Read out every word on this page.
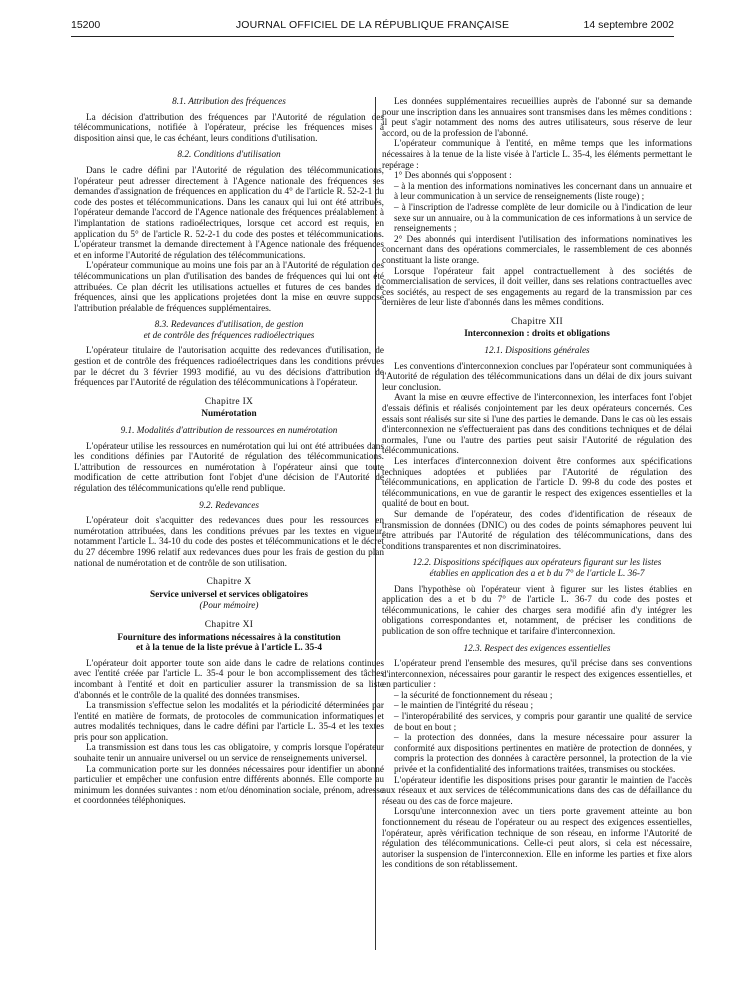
15200	JOURNAL OFFICIEL DE LA RÉPUBLIQUE FRANÇAISE	14 septembre 2002
8.1. Attribution des fréquences

La décision d'attribution des fréquences par l'Autorité de régulation des télécommunications, notifiée à l'opérateur, précise les fréquences mises à disposition ainsi que, le cas échéant, leurs conditions d'utilisation.

8.2. Conditions d'utilisation

Dans le cadre défini par l'Autorité de régulation des télécommunications, l'opérateur peut adresser directement à l'Agence nationale des fréquences ses demandes d'assignation de fréquences en application du 4° de l'article R. 52-2-1 du code des postes et télécommunications. Dans les canaux qui lui ont été attribués, l'opérateur demande l'accord de l'Agence nationale des fréquences préalablement à l'implantation de stations radioélectriques, lorsque cet accord est requis, en application du 5° de l'article R. 52-2-1 du code des postes et télécommunications. L'opérateur transmet la demande directement à l'Agence nationale des fréquences et en informe l'Autorité de régulation des télécommunications.

L'opérateur communique au moins une fois par an à l'Autorité de régulation des télécommunications un plan d'utilisation des bandes de fréquences qui lui ont été attribuées. Ce plan décrit les utilisations actuelles et futures de ces bandes de fréquences, ainsi que les applications projetées dont la mise en œuvre suppose l'attribution préalable de fréquences supplémentaires.

8.3. Redevances d'utilisation, de gestion
et de contrôle des fréquences radioélectriques

L'opérateur titulaire de l'autorisation acquitte des redevances d'utilisation, de gestion et de contrôle des fréquences radioélectriques dans les conditions prévues par le décret du 3 février 1993 modifié, au vu des décisions d'attribution de fréquences par l'Autorité de régulation des télécommunications à l'opérateur.

Chapitre IX
Numérotation
9.1. Modalités d'attribution de ressources en numérotation

L'opérateur utilise les ressources en numérotation qui lui ont été attribuées dans les conditions définies par l'Autorité de régulation des télécommunications. L'attribution de ressources en numérotation à l'opérateur ainsi que toute modification de cette attribution font l'objet d'une décision de l'Autorité de régulation des télécommunications qu'elle rend publique.

9.2. Redevances

L'opérateur doit s'acquitter des redevances dues pour les ressources en numérotation attribuées, dans les conditions prévues par les textes en vigueur, notamment l'article L. 34-10 du code des postes et télécommunications et le décret du 27 décembre 1996 relatif aux redevances dues pour les frais de gestion du plan national de numérotation et de contrôle de son utilisation.

Chapitre X
Service universel et services obligatoires
(Pour mémoire)
Chapitre XI
Fourniture des informations nécessaires à la constitution
et à la tenue de la liste prévue à l'article L. 35-4

L'opérateur doit apporter toute son aide dans le cadre de relations continues avec l'entité créée par l'article L. 35-4 pour le bon accomplissement des tâches incombant à l'entité et doit en particulier assurer la transmission de sa liste d'abonnés et le contrôle de la qualité des données transmises.

La transmission s'effectue selon les modalités et la périodicité déterminées par l'entité en matière de formats, de protocoles de communication informatiques et autres modalités techniques, dans le cadre défini par l'article L. 35-4 et les textes pris pour son application.

La transmission est dans tous les cas obligatoire, y compris lorsque l'opérateur souhaite tenir un annuaire universel ou un service de renseignements universel.

La communication porte sur les données nécessaires pour identifier un abonné particulier et empêcher une confusion entre différents abonnés. Elle comporte au minimum les données suivantes : nom et/ou dénomination sociale, prénom, adresse et coordonnées téléphoniques.

Les données supplémentaires recueillies auprès de l'abonné sur sa demande pour une inscription dans les annuaires sont transmises dans les mêmes conditions : il peut s'agir notamment des noms des autres utilisateurs, sous réserve de leur accord, ou de la profession de l'abonné.

L'opérateur communique à l'entité, en même temps que les informations nécessaires à la tenue de la liste visée à l'article L. 35-4, les éléments permettant le repérage :

1° Des abonnés qui s'opposent :

– à la mention des informations nominatives les concernant dans un annuaire et à leur communication à un service de renseignements (liste rouge) ;

– à l'inscription de l'adresse complète de leur domicile ou à l'indication de leur sexe sur un annuaire, ou à la communication de ces informations à un service de renseignements ;

2° Des abonnés qui interdisent l'utilisation des informations nominatives les concernant dans des opérations commerciales, le rassemblement de ces abonnés constituant la liste orange.

Lorsque l'opérateur fait appel contractuellement à des sociétés de commercialisation de services, il doit veiller, dans ses relations contractuelles avec ces sociétés, au respect de ses engagements au regard de la transmission par ces dernières de leur liste d'abonnés dans les mêmes conditions.

Chapitre XII
Interconnexion : droits et obligations
12.1. Dispositions générales

Les conventions d'interconnexion conclues par l'opérateur sont communiquées à l'Autorité de régulation des télécommunications dans un délai de dix jours suivant leur conclusion.

Avant la mise en œuvre effective de l'interconnexion, les interfaces font l'objet d'essais définis et réalisés conjointement par les deux opérateurs concernés. Ces essais sont réalisés sur site si l'une des parties le demande. Dans le cas où les essais d'interconnexion ne s'effectueraient pas dans des conditions techniques et de délai normales, l'une ou l'autre des parties peut saisir l'Autorité de régulation des télécommunications.

Les interfaces d'interconnexion doivent être conformes aux spécifications techniques adoptées et publiées par l'Autorité de régulation des télécommunications, en application de l'article D. 99-8 du code des postes et télécommunications, en vue de garantir le respect des exigences essentielles et la qualité de bout en bout.

Sur demande de l'opérateur, des codes d'identification de réseaux de transmission de données (DNIC) ou des codes de points sémaphores peuvent lui être attribués par l'Autorité de régulation des télécommunications, dans des conditions transparentes et non discriminatoires.

12.2. Dispositions spécifiques aux opérateurs figurant sur les listes
établies en application des a et b du 7° de l'article L. 36-7

Dans l'hypothèse où l'opérateur vient à figurer sur les listes établies en application des a et b du 7° de l'article L. 36-7 du code des postes et télécommunications, le cahier des charges sera modifié afin d'y intégrer les obligations correspondantes et, notamment, de préciser les conditions de publication de son offre technique et tarifaire d'interconnexion.

12.3. Respect des exigences essentielles

L'opérateur prend l'ensemble des mesures, qu'il précise dans ses conventions d'interconnexion, nécessaires pour garantir le respect des exigences essentielles, et en particulier :

– la sécurité de fonctionnement du réseau ;

– le maintien de l'intégrité du réseau ;

– l'interopérabilité des services, y compris pour garantir une qualité de service de bout en bout ;

– la protection des données, dans la mesure nécessaire pour assurer la conformité aux dispositions pertinentes en matière de protection de données, y compris la protection des données à caractère personnel, la protection de la vie privée et la confidentialité des informations traitées, transmises ou stockées.

L'opérateur identifie les dispositions prises pour garantir le maintien de l'accès aux réseaux et aux services de télécommunications dans des cas de défaillance du réseau ou des cas de force majeure.

Lorsqu'une interconnexion avec un tiers porte gravement atteinte au bon fonctionnement du réseau de l'opérateur ou au respect des exigences essentielles, l'opérateur, après vérification technique de son réseau, en informe l'Autorité de régulation des télécommunications. Celle-ci peut alors, si cela est nécessaire, autoriser la suspension de l'interconnexion. Elle en informe les parties et fixe alors les conditions de son rétablissement.
